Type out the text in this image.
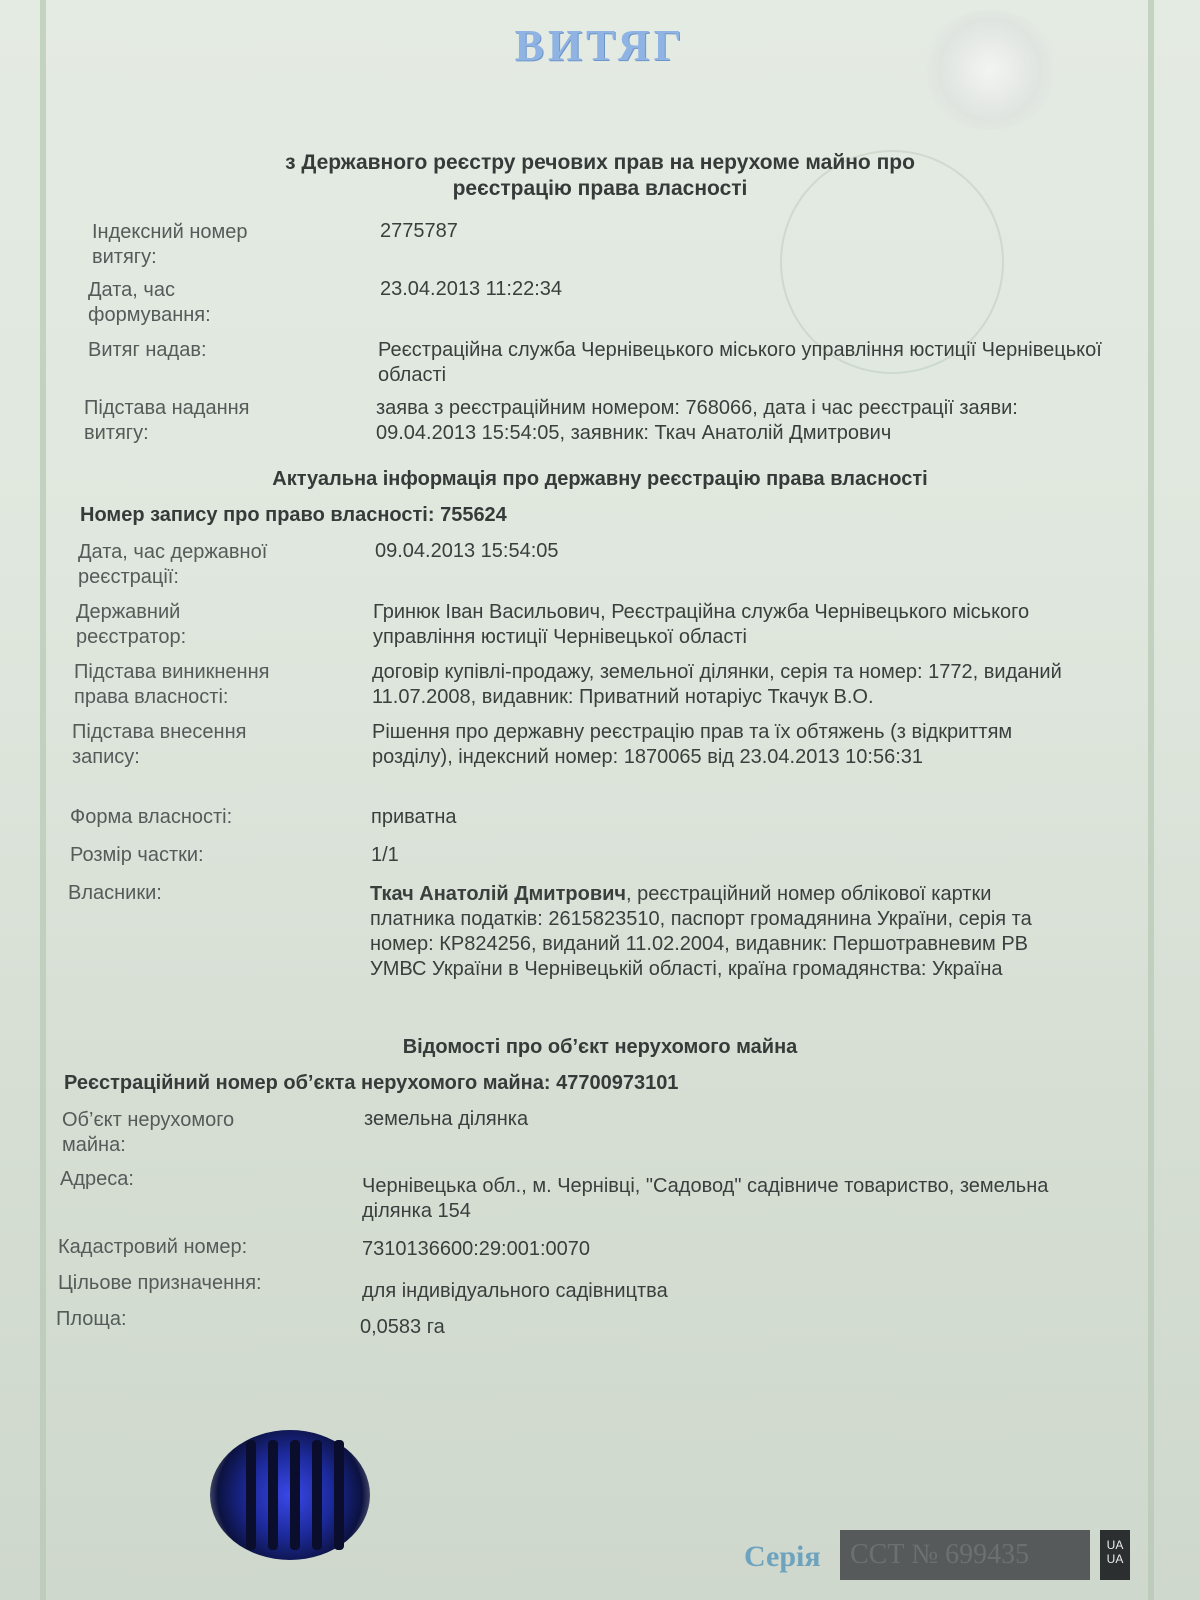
ВИТЯГ
з Державного реєстру речових прав на нерухоме майно про реєстрацію права власності
Індексний номер витягу:
2775787
Дата, час формування:
23.04.2013 11:22:34
Витяг надав:	Реєстраційна служба Чернівецького міського управління юстиції Чернівецької області
Підстава надання витягу:
заява з реєстраційним номером: 768066, дата і час реєстрації заяви: 09.04.2013 15:54:05, заявник: Ткач Анатолій Дмитрович
Актуальна інформація про державну реєстрацію права власності
Номер запису про право власності: 755624
Дата, час державної реєстрації:
09.04.2013 15:54:05
Державний реєстратор:
Гринюк Іван Васильович, Реєстраційна служба Чернівецького міського управління юстиції Чернівецької області
Підстава виникнення права власності:
договір купівлі-продажу, земельної ділянки, серія та номер: 1772, виданий 11.07.2008, видавник: Приватний нотаріус Ткачук В.О.
Підстава внесення запису:
Рішення про державну реєстрацію прав та їх обтяжень (з відкриттям розділу), індексний номер: 1870065 від 23.04.2013 10:56:31
Форма власності:	приватна
Розмір частки:	1/1
Власники:	Ткач Анатолій Дмитрович, реєстраційний номер облікової картки платника податків: 2615823510, паспорт громадянина України, серія та номер: КР824256, виданий 11.02.2004, видавник: Першотравневим РВ УМВС України в Чернівецькій області, країна громадянства: Україна
Відомості про об’єкт нерухомого майна
Реєстраційний номер об’єкта нерухомого майна: 47700973101
Об’єкт нерухомого майна:
земельна ділянка
Адреса:	Чернівецька обл., м. Чернівці, "Садовод" садівниче товариство, земельна ділянка 154
Кадастровий номер:	7310136600:29:001:0070
Цільове призначення:	для індивідуального садівництва
Площа:	0,0583 га
Серія	ССТ № 699435	UA UA
